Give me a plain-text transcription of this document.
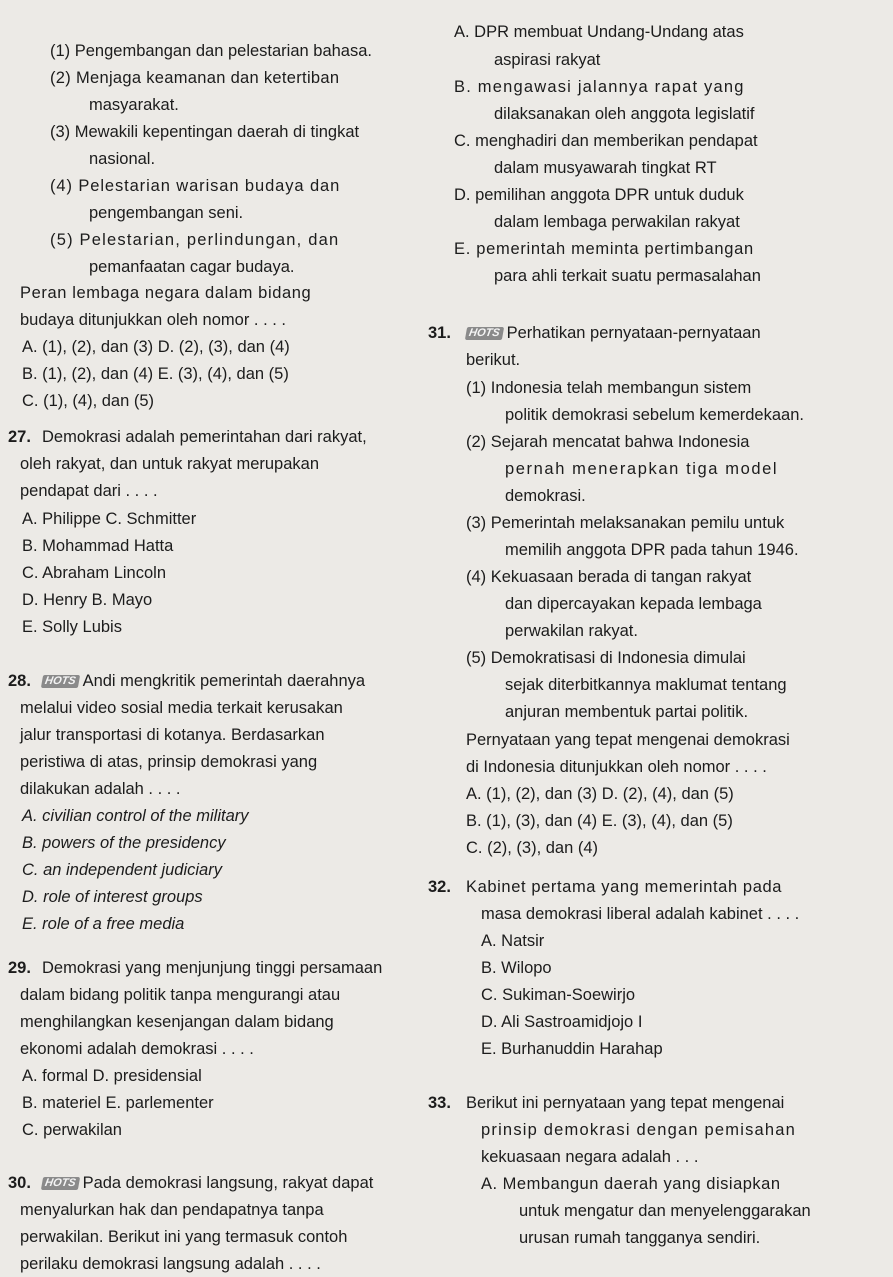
(1) Pengembangan dan pelestarian bahasa.
(2) Menjaga keamanan dan ketertiban
masyarakat.
(3) Mewakili kepentingan daerah di tingkat
nasional.
(4) Pelestarian warisan budaya dan
pengembangan seni.
(5) Pelestarian, perlindungan, dan
pemanfaatan cagar budaya.
Peran lembaga negara dalam bidang
budaya ditunjukkan oleh nomor . . . .
A. (1), (2), dan (3) D. (2), (3), dan (4)
B. (1), (2), dan (4) E. (3), (4), dan (5)
C. (1), (4), dan (5)
27. Demokrasi adalah pemerintahan dari rakyat,
oleh rakyat, dan untuk rakyat merupakan
pendapat dari . . . .
A. Philippe C. Schmitter
B. Mohammad Hatta
C. Abraham Lincoln
D. Henry B. Mayo
E. Solly Lubis
28. HOTS Andi mengkritik pemerintah daerahnya
melalui video sosial media terkait kerusakan
jalur transportasi di kotanya. Berdasarkan
peristiwa di atas, prinsip demokrasi yang
dilakukan adalah . . . .
A. civilian control of the military
B. powers of the presidency
C. an independent judiciary
D. role of interest groups
E. role of a free media
29. Demokrasi yang menjunjung tinggi persamaan
dalam bidang politik tanpa mengurangi atau
menghilangkan kesenjangan dalam bidang
ekonomi adalah demokrasi . . . .
A. formal D. presidensial
B. materiel E. parlementer
C. perwakilan
30. HOTS Pada demokrasi langsung, rakyat dapat
menyalurkan hak dan pendapatnya tanpa
perwakilan. Berikut ini yang termasuk contoh
perilaku demokrasi langsung adalah . . . .
A. DPR membuat Undang-Undang atas
aspirasi rakyat
B. mengawasi jalannya rapat yang
dilaksanakan oleh anggota legislatif
C. menghadiri dan memberikan pendapat
dalam musyawarah tingkat RT
D. pemilihan anggota DPR untuk duduk
dalam lembaga perwakilan rakyat
E. pemerintah meminta pertimbangan
para ahli terkait suatu permasalahan
31. HOTS Perhatikan pernyataan-pernyataan
berikut.
(1) Indonesia telah membangun sistem
politik demokrasi sebelum kemerdekaan.
(2) Sejarah mencatat bahwa Indonesia
pernah menerapkan tiga model
demokrasi.
(3) Pemerintah melaksanakan pemilu untuk
memilih anggota DPR pada tahun 1946.
(4) Kekuasaan berada di tangan rakyat
dan dipercayakan kepada lembaga
perwakilan rakyat.
(5) Demokratisasi di Indonesia dimulai
sejak diterbitkannya maklumat tentang
anjuran membentuk partai politik.
Pernyataan yang tepat mengenai demokrasi
di Indonesia ditunjukkan oleh nomor . . . .
A. (1), (2), dan (3) D. (2), (4), dan (5)
B. (1), (3), dan (4) E. (3), (4), dan (5)
C. (2), (3), dan (4)
32. Kabinet pertama yang memerintah pada
masa demokrasi liberal adalah kabinet . . . .
A. Natsir
B. Wilopo
C. Sukiman-Soewirjo
D. Ali Sastroamidjojo I
E. Burhanuddin Harahap
33. Berikut ini pernyataan yang tepat mengenai
prinsip demokrasi dengan pemisahan
kekuasaan negara adalah . . .
A. Membangun daerah yang disiapkan
untuk mengatur dan menyelenggarakan
urusan rumah tangganya sendiri.
